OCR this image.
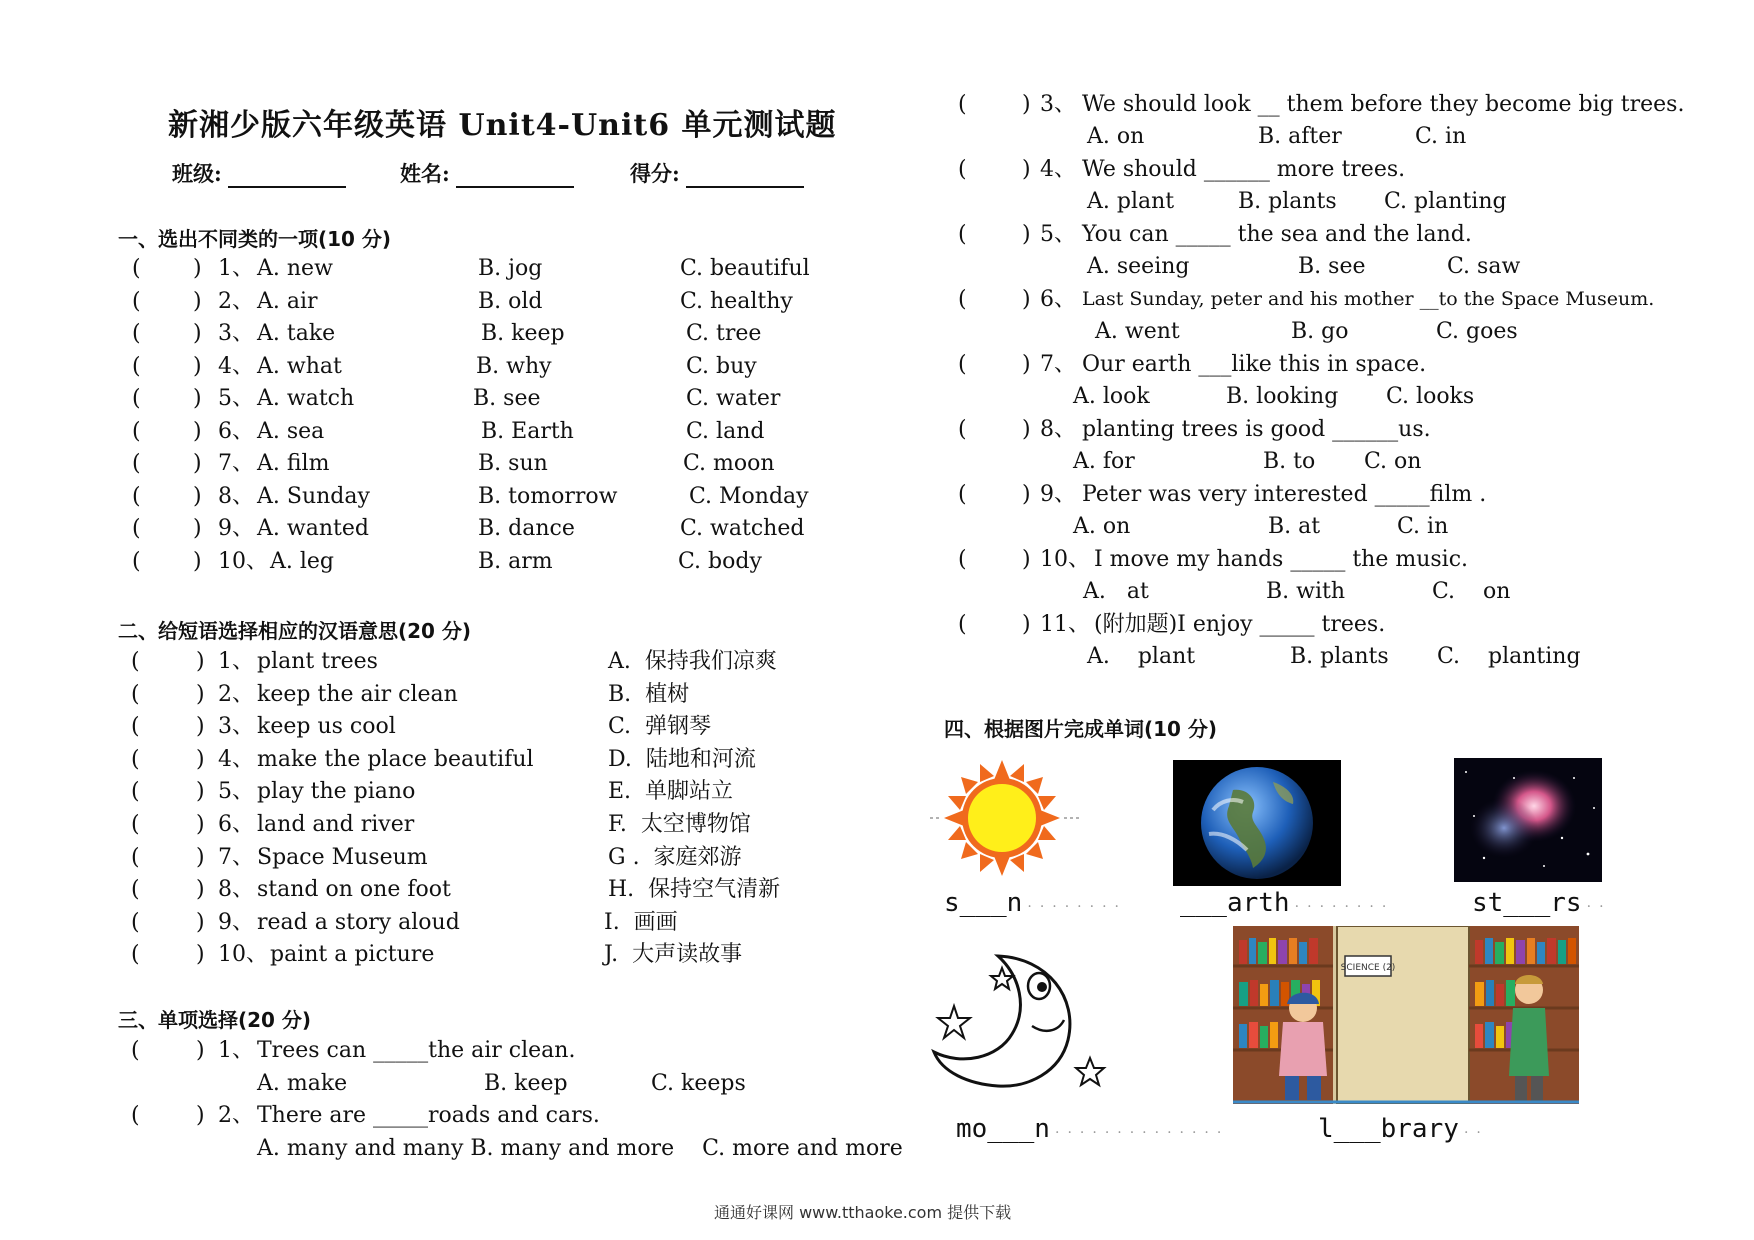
新湘少版六年级英语 Unit4-Unit6 单元测试题
班级:	姓名:	得分:
一、选出不同类的一项(10 分)
( ) 1、 A. new	B. jog	C. beautiful
( ) 2、 A. air	B. old	C. healthy
( ) 3、 A. take	B. keep	C. tree
( ) 4、 A. what	B. why	C. buy
( ) 5、 A. watch	B. see	C. water
( ) 6、 A. sea	B. Earth	C. land
( ) 7、 A. film	B. sun	C. moon
( ) 8、 A. Sunday	B. tomorrow	C. Monday
( ) 9、 A. wanted	B. dance	C. watched
( ) 10、 A. leg	B. arm	C. body
二、给短语选择相应的汉语意思(20 分)
(	) 1、 plant trees	A.  保持我们凉爽
(	) 2、 keep the air clean	B.  植树
(	) 3、 keep us cool	C.  弹钢琴
(	) 4、 make the place beautiful	D.  陆地和河流
(	) 5、 play the piano	E.  单脚站立
(	) 6、 land and river	F.  太空博物馆
(	) 7、 Space Museum	G .  家庭郊游
(	) 8、 stand on one foot	H.  保持空气清新
(	) 9、 read a story aloud	I.  画画
(	) 10、 paint a picture	J.  大声读故事
三、单项选择(20 分)
(	) 1、 Trees can _____the air clean.
A. make	B. keep	C. keeps
(	) 2、 There are _____roads and cars.
A. many and many B. many and more    C. more and more
(	) 3、 We should look __ them before they become big trees.
A. on	B. after	C. in
(	) 4、 We should ______ more trees.
A. plant	B. plants C. planting
(	) 5、 You can _____ the sea and the land.
A. seeing	B. see	C. saw
(	) 6、 Last Sunday, peter and his mother __to the Space Museum.
A. went	B. go	C. goes
(	) 7、 Our earth ___like this in space.
A. look	B. looking C. looks
(	) 8、 planting trees is good ______us.
A. for	B. to C. on
(	) 9、 Peter was very interested _____film .
A. on	B. at	C. in
(	) 10、 I move my hands _____ the music.
A.   at	B. with	C.    on
(	) 11、 (附加题)I enjoy _____ trees.
A.    plant	B. plants C.    planting
四、根据图片完成单词(10 分)
s___n ········ ___arth ········	st___rs ··
SCIENCE (2)
mo___n ··············	l___brary ··
通通好课网 www.tthaoke.com 提供下载
